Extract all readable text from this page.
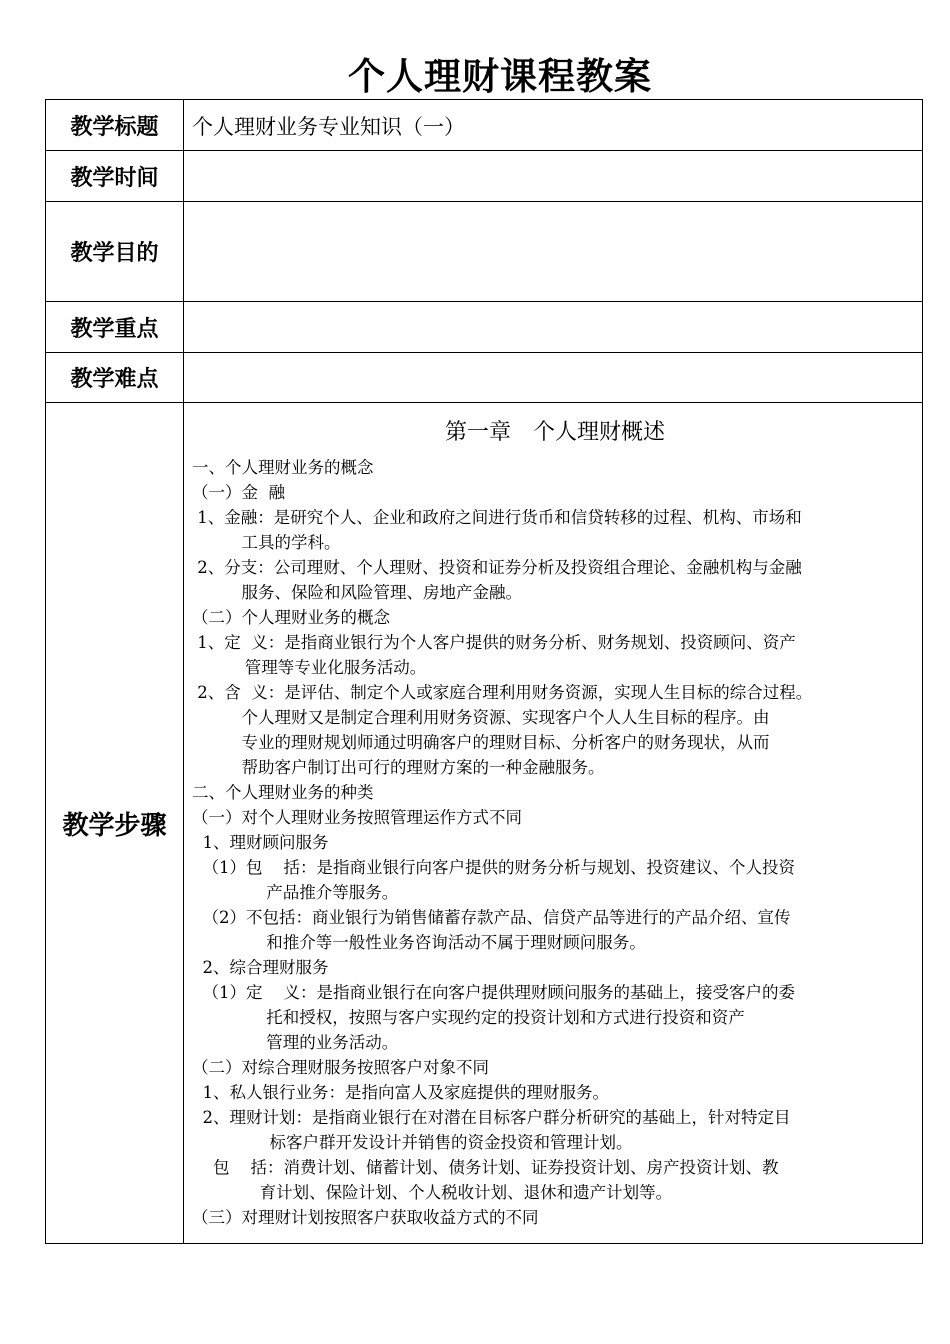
个人理财课程教案
教学标题	个人理财业务专业知识（一）
教学时间
教学目的
教学重点
教学难点
教学步骤
第一章　个人理财概述
一、个人理财业务的概念
（一）金  融
1、金融：是研究个人、企业和政府之间进行货币和信贷转移的过程、机构、市场和
工具的学科。
2、分支：公司理财、个人理财、投资和证券分析及投资组合理论、金融机构与金融
服务、保险和风险管理、房地产金融。
（二）个人理财业务的概念
1、定  义：是指商业银行为个人客户提供的财务分析、财务规划、投资顾问、资产
管理等专业化服务活动。
2、含  义：是评估、制定个人或家庭合理利用财务资源，实现人生目标的综合过程。
个人理财又是制定合理利用财务资源、实现客户个人人生目标的程序。由
专业的理财规划师通过明确客户的理财目标、分析客户的财务现状，从而
帮助客户制订出可行的理财方案的一种金融服务。
二、个人理财业务的种类
（一）对个人理财业务按照管理运作方式不同
1、理财顾问服务
（1）包    括：是指商业银行向客户提供的财务分析与规划、投资建议、个人投资
产品推介等服务。
（2）不包括：商业银行为销售储蓄存款产品、信贷产品等进行的产品介绍、宣传
和推介等一般性业务咨询活动不属于理财顾问服务。
2、综合理财服务
（1）定    义：是指商业银行在向客户提供理财顾问服务的基础上，接受客户的委
托和授权，按照与客户实现约定的投资计划和方式进行投资和资产
管理的业务活动。
（二）对综合理财服务按照客户对象不同
1、私人银行业务：是指向富人及家庭提供的理财服务。
2、理财计划：是指商业银行在对潜在目标客户群分析研究的基础上，针对特定目
标客户群开发设计并销售的资金投资和管理计划。
包    括：消费计划、储蓄计划、债务计划、证券投资计划、房产投资计划、教
育计划、保险计划、个人税收计划、退休和遗产计划等。
（三）对理财计划按照客户获取收益方式的不同
